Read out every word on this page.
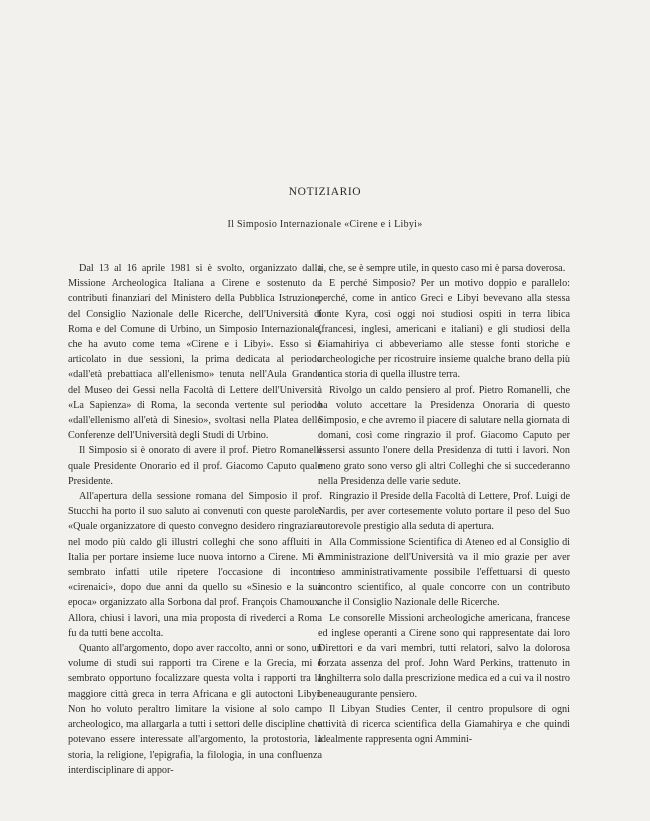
NOTIZIARIO
Il Simposio Internazionale «Cirene e i Libyi»

Dal 13 al 16 aprile 1981 si è svolto, organizzato dalla Missione Archeologica Italiana a Cirene e sostenuto da contributi finanziari del Ministero della Pubblica Istruzione, del Consiglio Nazionale delle Ricerche, dell'Università di Roma e del Comune di Urbino, un Simposio Internazionale, che ha avuto come tema «Cirene e i Libyi». Esso si è articolato in due sessioni, la prima dedicata al periodo «dall'età prebattiaca all'ellenismo» tenuta nell'Aula Grande del Museo dei Gessi nella Facoltà di Lettere dell'Università «La Sapienza» di Roma, la seconda vertente sul periodo «dall'ellenismo all'età di Sinesio», svoltasi nella Platea delle Conferenze dell'Università degli Studi di Urbino.

Il Simposio si è onorato di avere il prof. Pietro Romanelli quale Presidente Onorario ed il prof. Giacomo Caputo quale Presidente.

All'apertura della sessione romana del Simposio il prof. Stucchi ha porto il suo saluto ai convenuti con queste parole: «Quale organizzatore di questo convegno desidero ringraziare nel modo più caldo gli illustri colleghi che sono affluiti in Italia per portare insieme luce nuova intorno a Cirene. Mi è sembrato infatti utile ripetere l'occasione di incontri «cirenaici», dopo due anni da quello su «Sinesio e la sua epoca» organizzato alla Sorbona dal prof. François Chamoux. Allora, chiusi i lavori, una mia proposta di rivederci a Roma fu da tutti bene accolta.

Quanto all'argomento, dopo aver raccolto, anni or sono, un volume di studi sui rapporti tra Cirene e la Grecia, mi è sembrato opportuno focalizzare questa volta i rapporti tra la maggiore città greca in terra Africana e gli autoctoni Libyi. Non ho voluto peraltro limitare la visione al solo campo archeologico, ma allargarla a tutti i settori delle discipline che potevano essere interessate all'argomento, la protostoria, la storia, la religione, l'epigrafia, la filologia, in una confluenza interdisciplinare di appor-

ti, che, se è sempre utile, in questo caso mi è parsa doverosa.

E perché Simposio? Per un motivo doppio e parallelo: perché, come in antico Greci e Libyi bevevano alla stessa fonte Kyra, così oggi noi studiosi ospiti in terra libica (francesi, inglesi, americani e italiani) e gli studiosi della Giamahiriya ci abbeveriamo alle stesse fonti storiche e archeologiche per ricostruire insieme qualche brano della più antica storia di quella illustre terra.

Rivolgo un caldo pensiero al prof. Pietro Romanelli, che ha voluto accettare la Presidenza Onoraria di questo Simposio, e che avremo il piacere di salutare nella giornata di domani, così come ringrazio il prof. Giacomo Caputo per essersi assunto l'onere della Presidenza di tutti i lavori. Non meno grato sono verso gli altri Colleghi che si succederanno nella Presidenza delle varie sedute.

Ringrazio il Preside della Facoltà di Lettere, Prof. Luigi de Nardis, per aver cortesemente voluto portare il peso del Suo autorevole prestigio alla seduta di apertura.

Alla Commissione Scientifica di Ateneo ed al Consiglio di Amministrazione dell'Università va il mio grazie per aver reso amministrativamente possibile l'effettuarsi di questo incontro scientifico, al quale concorre con un contributo anche il Consiglio Nazionale delle Ricerche.

Le consorelle Missioni archeologiche americana, francese ed inglese operanti a Cirene sono qui rappresentate dai loro Direttori e da vari membri, tutti relatori, salvo la dolorosa forzata assenza del prof. John Ward Perkins, trattenuto in Inghilterra solo dalla prescrizione medica ed a cui va il nostro beneaugurante pensiero.

Il Libyan Studies Center, il centro propulsore di ogni attività di ricerca scientifica della Giamahirya e che quindi idealmente rappresenta ogni Ammini-
